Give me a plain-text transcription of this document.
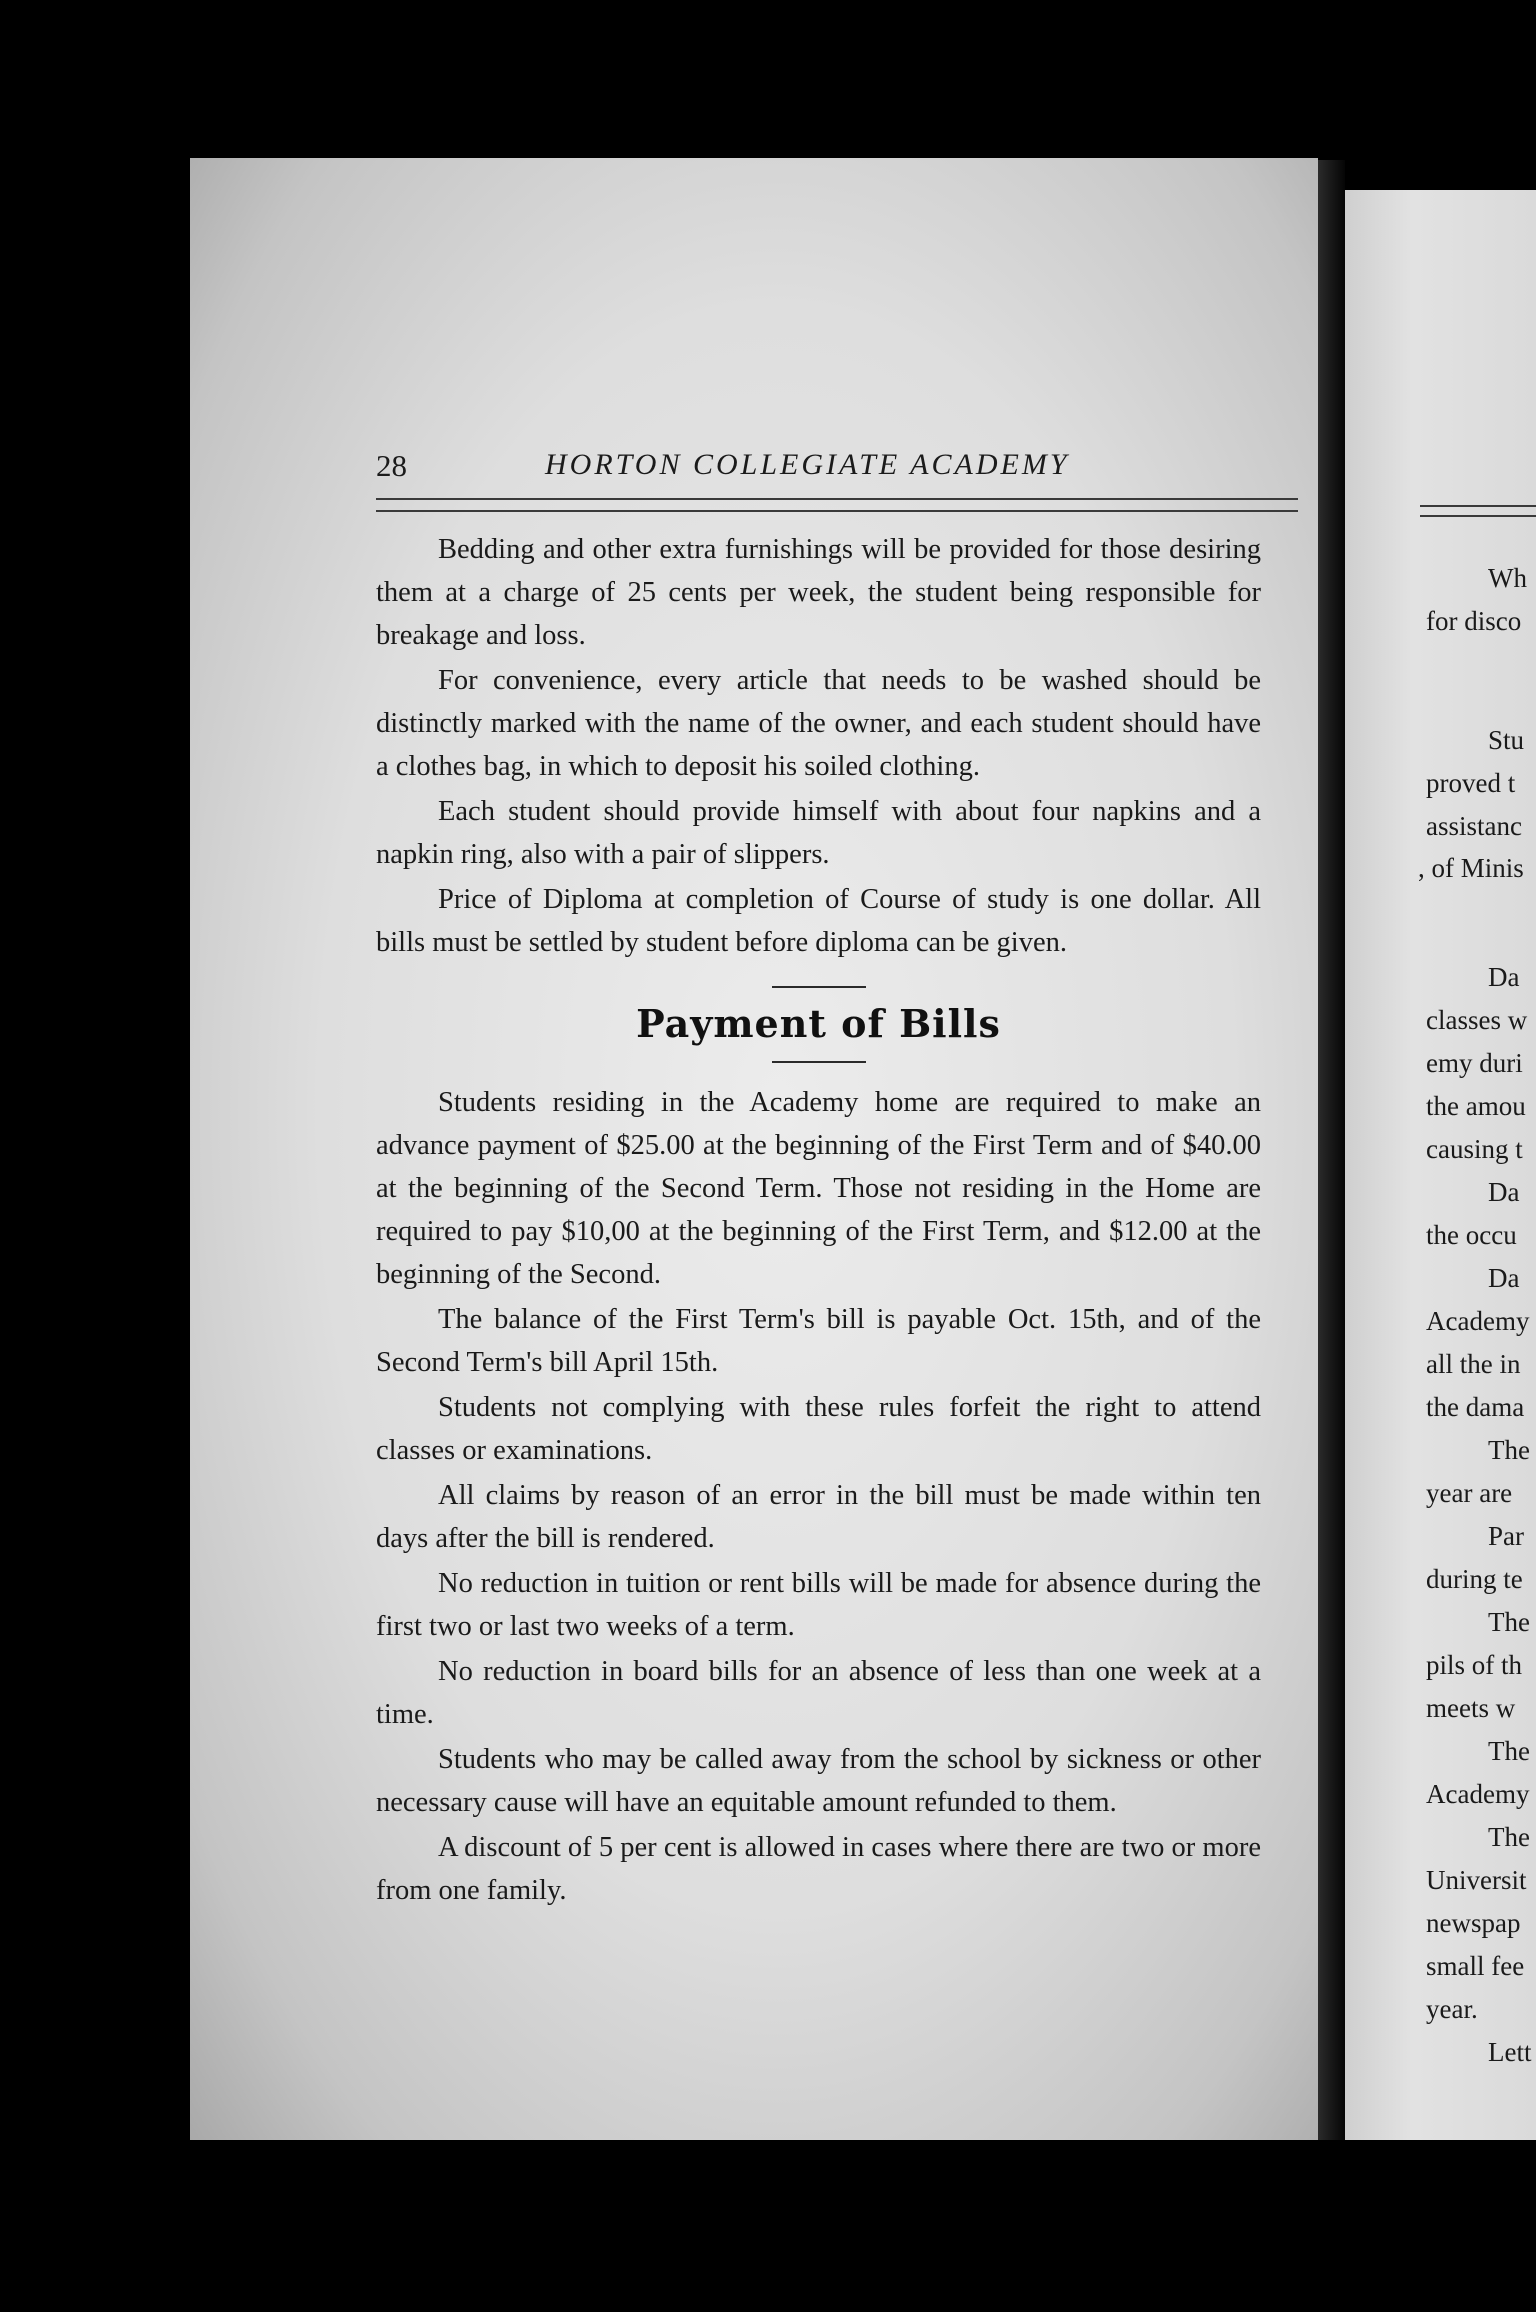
28	HORTON COLLEGIATE ACADEMY

Bedding and other extra furnishings will be provided for those desiring them at a charge of 25 cents per week, the student being responsible for breakage and loss.

For convenience, every article that needs to be washed should be distinctly marked with the name of the owner, and each student should have a clothes bag, in which to deposit his soiled clothing.

Each student should provide himself with about four napkins and a napkin ring, also with a pair of slippers.

Price of Diploma at completion of Course of study is one dollar. All bills must be settled by student before diploma can be given.

Payment of Bills

Students residing in the Academy home are required to make an advance payment of $25.00 at the beginning of the First Term and of $40.00 at the beginning of the Second Term. Those not residing in the Home are required to pay $10,00 at the beginning of the First Term, and $12.00 at the beginning of the Second.

The balance of the First Term's bill is payable Oct. 15th, and of the Second Term's bill April 15th.

Students not complying with these rules forfeit the right to attend classes or examinations.

All claims by reason of an error in the bill must be made within ten days after the bill is rendered.

No reduction in tuition or rent bills will be made for absence during the first two or last two weeks of a term.

No reduction in board bills for an absence of less than one week at a time.

Students who may be called away from the school by sickness or other necessary cause will have an equitable amount refunded to them.

A discount of 5 per cent is allowed in cases where there are two or more from one family.

Wh
for disco
Stu
proved t
assistanc
, of Minis
Da
classes w
emy duri
the amou
causing t
Da
the occu
Da
Academy
all the in
the dama
The
year are
Par
during te
The
pils of th
meets w
The
Academy
The
Universit
newspap
small fee
year.
Lett
